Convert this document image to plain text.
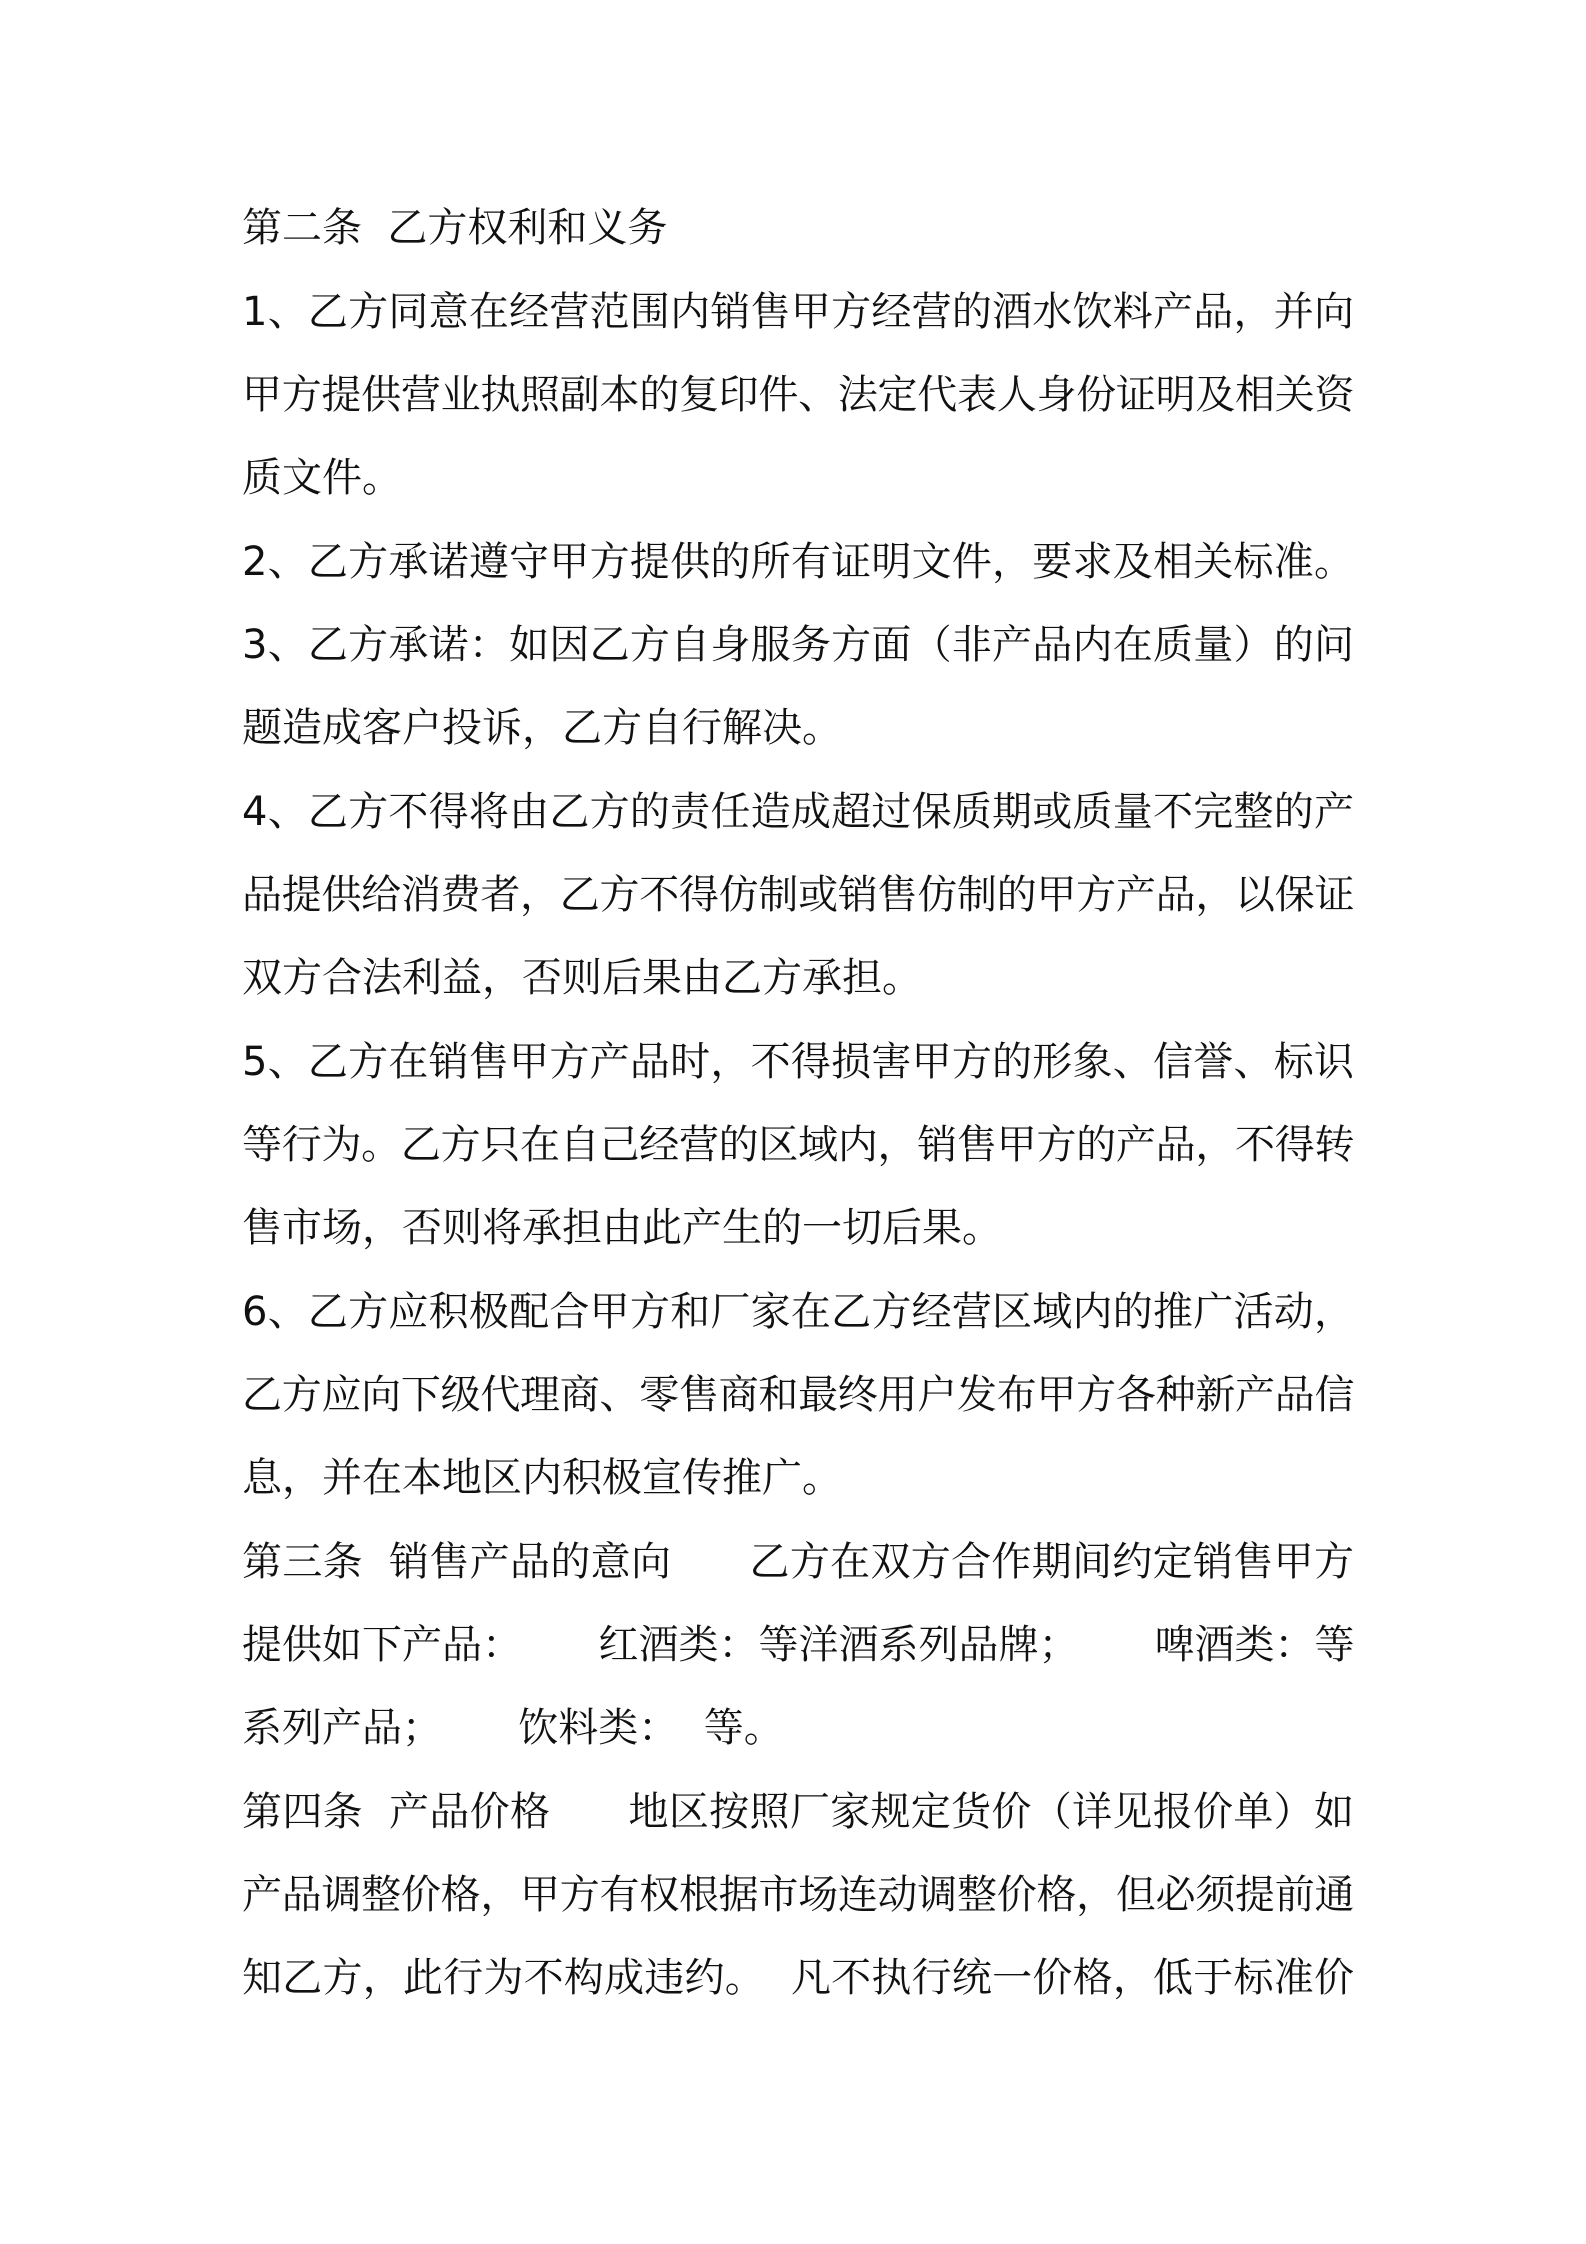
第二条  乙方权利和义务
1、乙方同意在经营范围内销售甲方经营的酒水饮料产品，并向
甲方提供营业执照副本的复印件、法定代表人身份证明及相关资
质文件。
2、乙方承诺遵守甲方提供的所有证明文件，要求及相关标准。
3、乙方承诺：如因乙方自身服务方面（非产品内在质量）的问
题造成客户投诉，乙方自行解决。
4、乙方不得将由乙方的责任造成超过保质期或质量不完整的产
品提供给消费者，乙方不得仿制或销售仿制的甲方产品，以保证
双方合法利益，否则后果由乙方承担。
5、乙方在销售甲方产品时，不得损害甲方的形象、信誉、标识
等行为。乙方只在自己经营的区域内，销售甲方的产品，不得转
售市场，否则将承担由此产生的一切后果。
6、乙方应积极配合甲方和厂家在乙方经营区域内的推广活动，
乙方应向下级代理商、零售商和最终用户发布甲方各种新产品信
息，并在本地区内积极宣传推广。
第三条  销售产品的意向      乙方在双方合作期间约定销售甲方
提供如下产品：      红酒类：等洋酒系列品牌；      啤酒类：等
系列产品；      饮料类：  等。
第四条  产品价格      地区按照厂家规定货价（详见报价单）如
产品调整价格，甲方有权根据市场连动调整价格，但必须提前通
知乙方，此行为不构成违约。  凡不执行统一价格，低于标准价
